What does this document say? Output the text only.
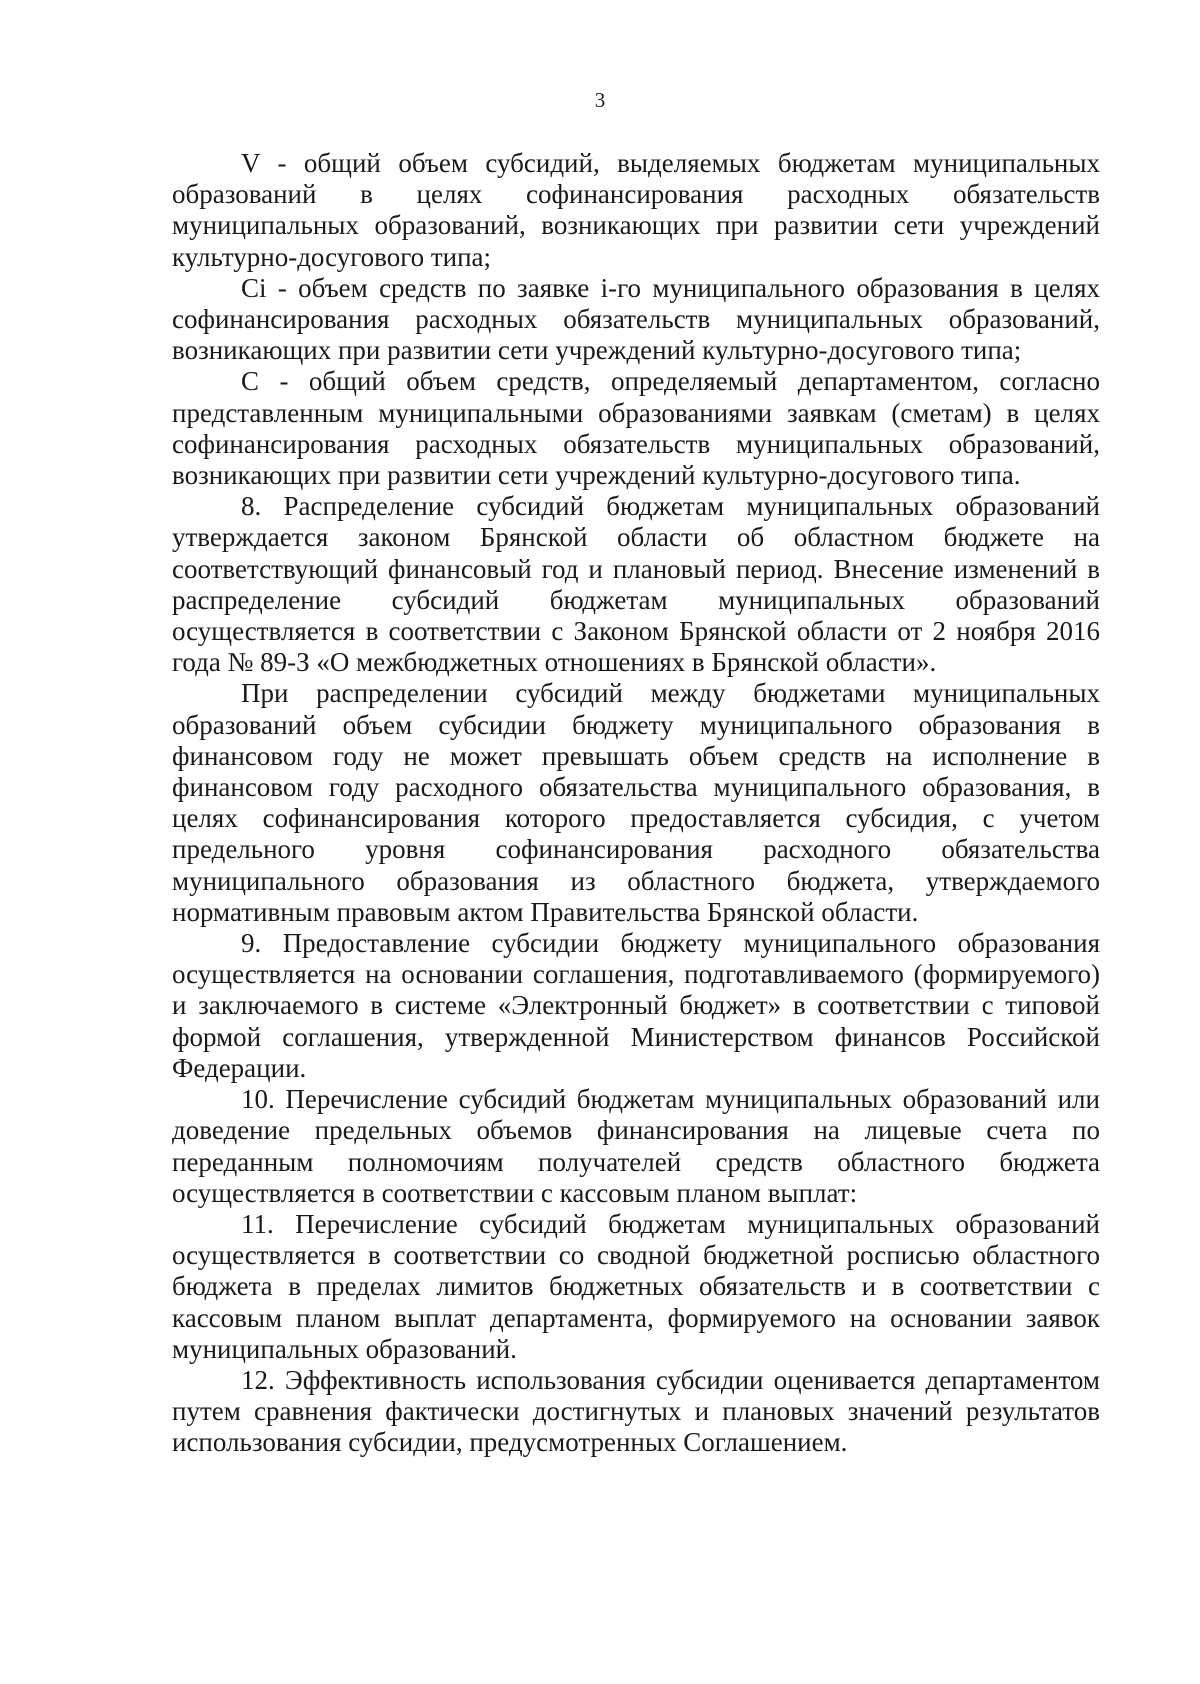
3

V - общий объем субсидий, выделяемых бюджетам муниципальных образований в целях софинансирования расходных обязательств муниципальных образований, возникающих при развитии сети учреждений культурно-досугового типа;

Ci - объем средств по заявке i-го муниципального образования в целях софинансирования расходных обязательств муниципальных образований, возникающих при развитии сети учреждений культурно-досугового типа;

C - общий объем средств, определяемый департаментом, согласно представленным муниципальными образованиями заявкам (сметам) в целях софинансирования расходных обязательств муниципальных образований, возникающих при развитии сети учреждений культурно-досугового типа.

8. Распределение субсидий бюджетам муниципальных образований утверждается законом Брянской области об областном бюджете на соответствующий финансовый год и плановый период. Внесение изменений в распределение субсидий бюджетам муниципальных образований осуществляется в соответствии с Законом Брянской области от 2 ноября 2016 года № 89-З «О межбюджетных отношениях в Брянской области».

При распределении субсидий между бюджетами муниципальных образований объем субсидии бюджету муниципального образования в финансовом году не может превышать объем средств на исполнение в финансовом году расходного обязательства муниципального образования, в целях софинансирования которого предоставляется субсидия, с учетом предельного уровня софинансирования расходного обязательства муниципального образования из областного бюджета, утверждаемого нормативным правовым актом Правительства Брянской области.

9. Предоставление субсидии бюджету муниципального образования осуществляется на основании соглашения, подготавливаемого (формируемого) и заключаемого в системе «Электронный бюджет» в соответствии с типовой формой соглашения, утвержденной Министерством финансов Российской Федерации.

10. Перечисление субсидий бюджетам муниципальных образований или доведение предельных объемов финансирования на лицевые счета по переданным полномочиям получателей средств областного бюджета осуществляется в соответствии с кассовым планом выплат:

11. Перечисление субсидий бюджетам муниципальных образований осуществляется в соответствии со сводной бюджетной росписью областного бюджета в пределах лимитов бюджетных обязательств и в соответствии с кассовым планом выплат департамента, формируемого на основании заявок муниципальных образований.

12. Эффективность использования субсидии оценивается департаментом путем сравнения фактически достигнутых и плановых значений результатов использования субсидии, предусмотренных Соглашением.
